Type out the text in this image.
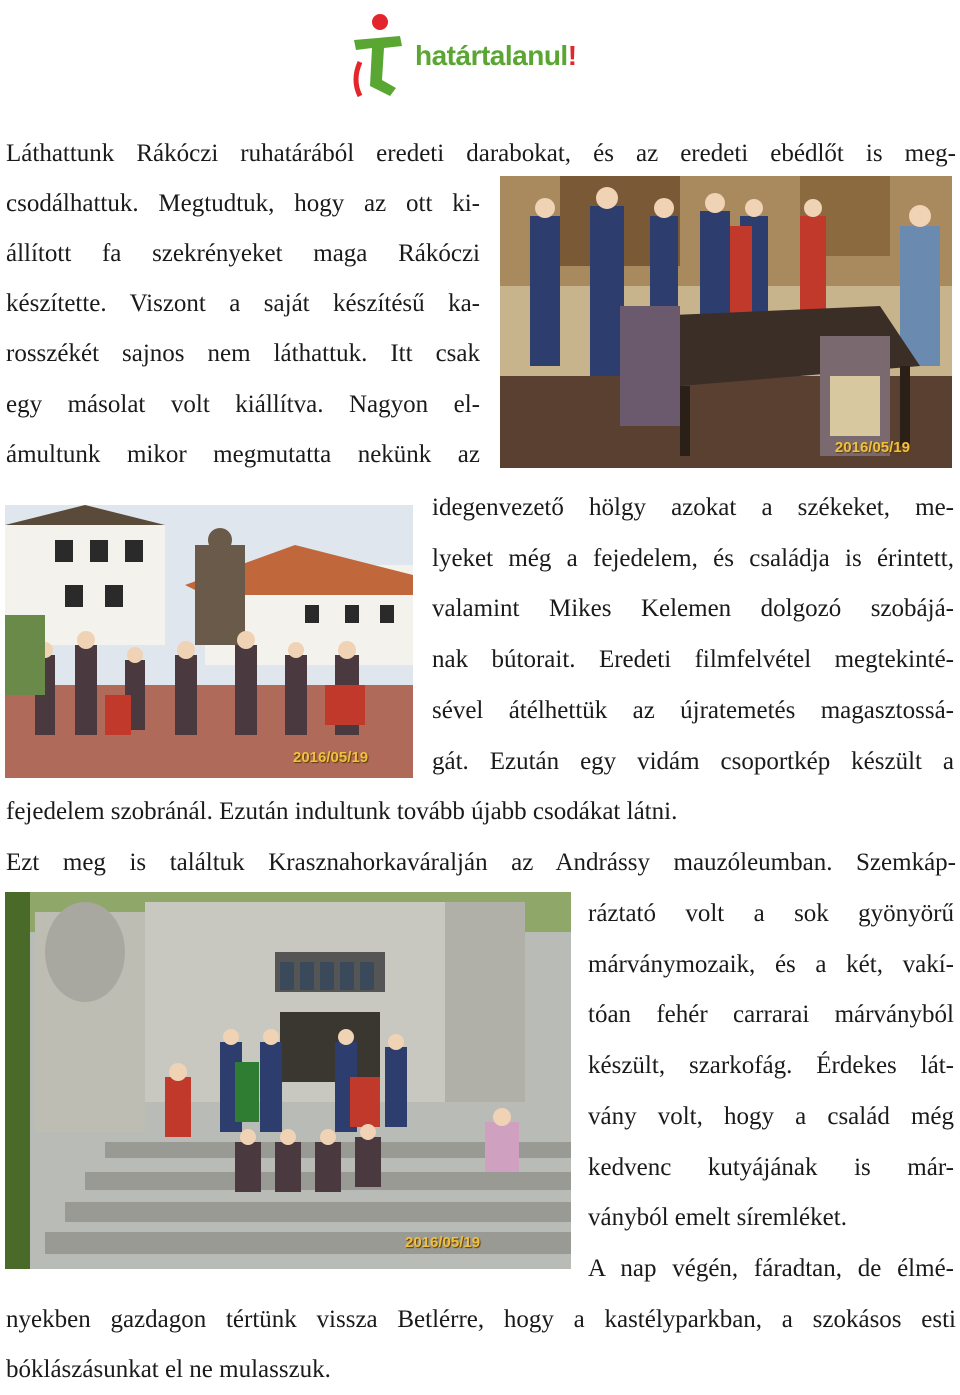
határtalanul!
Láthattunk Rákóczi ruhatárából eredeti darabokat, és az eredeti ebédlőt is meg-
csodálhattuk. Megtudtuk, hogy az ott ki-
állított fa szekrényeket maga Rákóczi
készítette. Viszont a saját készítésű ka-
rosszékét sajnos nem láthattuk. Itt csak
egy másolat volt kiállítva. Nagyon el-
ámultunk mikor megmutatta nekünk az	2016/05/19
2016/05/19
idegenvezető hölgy azokat a székeket, me-
lyeket még a fejedelem, és családja is érintett,
valamint Mikes Kelemen dolgozó szobájá-
nak bútorait. Eredeti filmfelvétel megtekinté-
sével átélhettük az újratemetés magasztossá-
gát. Ezután egy vidám csoportkép készült a
fejedelem szobránál. Ezután indultunk tovább újabb csodákat látni.
Ezt meg is találtuk Krasznahorkaváralján az Andrássy mauzóleumban. Szemkáp-
2016/05/19
ráztató volt a sok gyönyörű
márványmozaik, és a két, vakí-
tóan fehér carrarai márványból
készült, szarkofág. Érdekes lát-
vány volt, hogy a család még
kedvenc kutyájának is már-
ványból emelt síremléket.
A nap végén, fáradtan, de élmé-
nyekben gazdagon tértünk vissza Betlérre, hogy a kastélyparkban, a szokásos esti
bóklászásunkat el ne mulasszuk.
